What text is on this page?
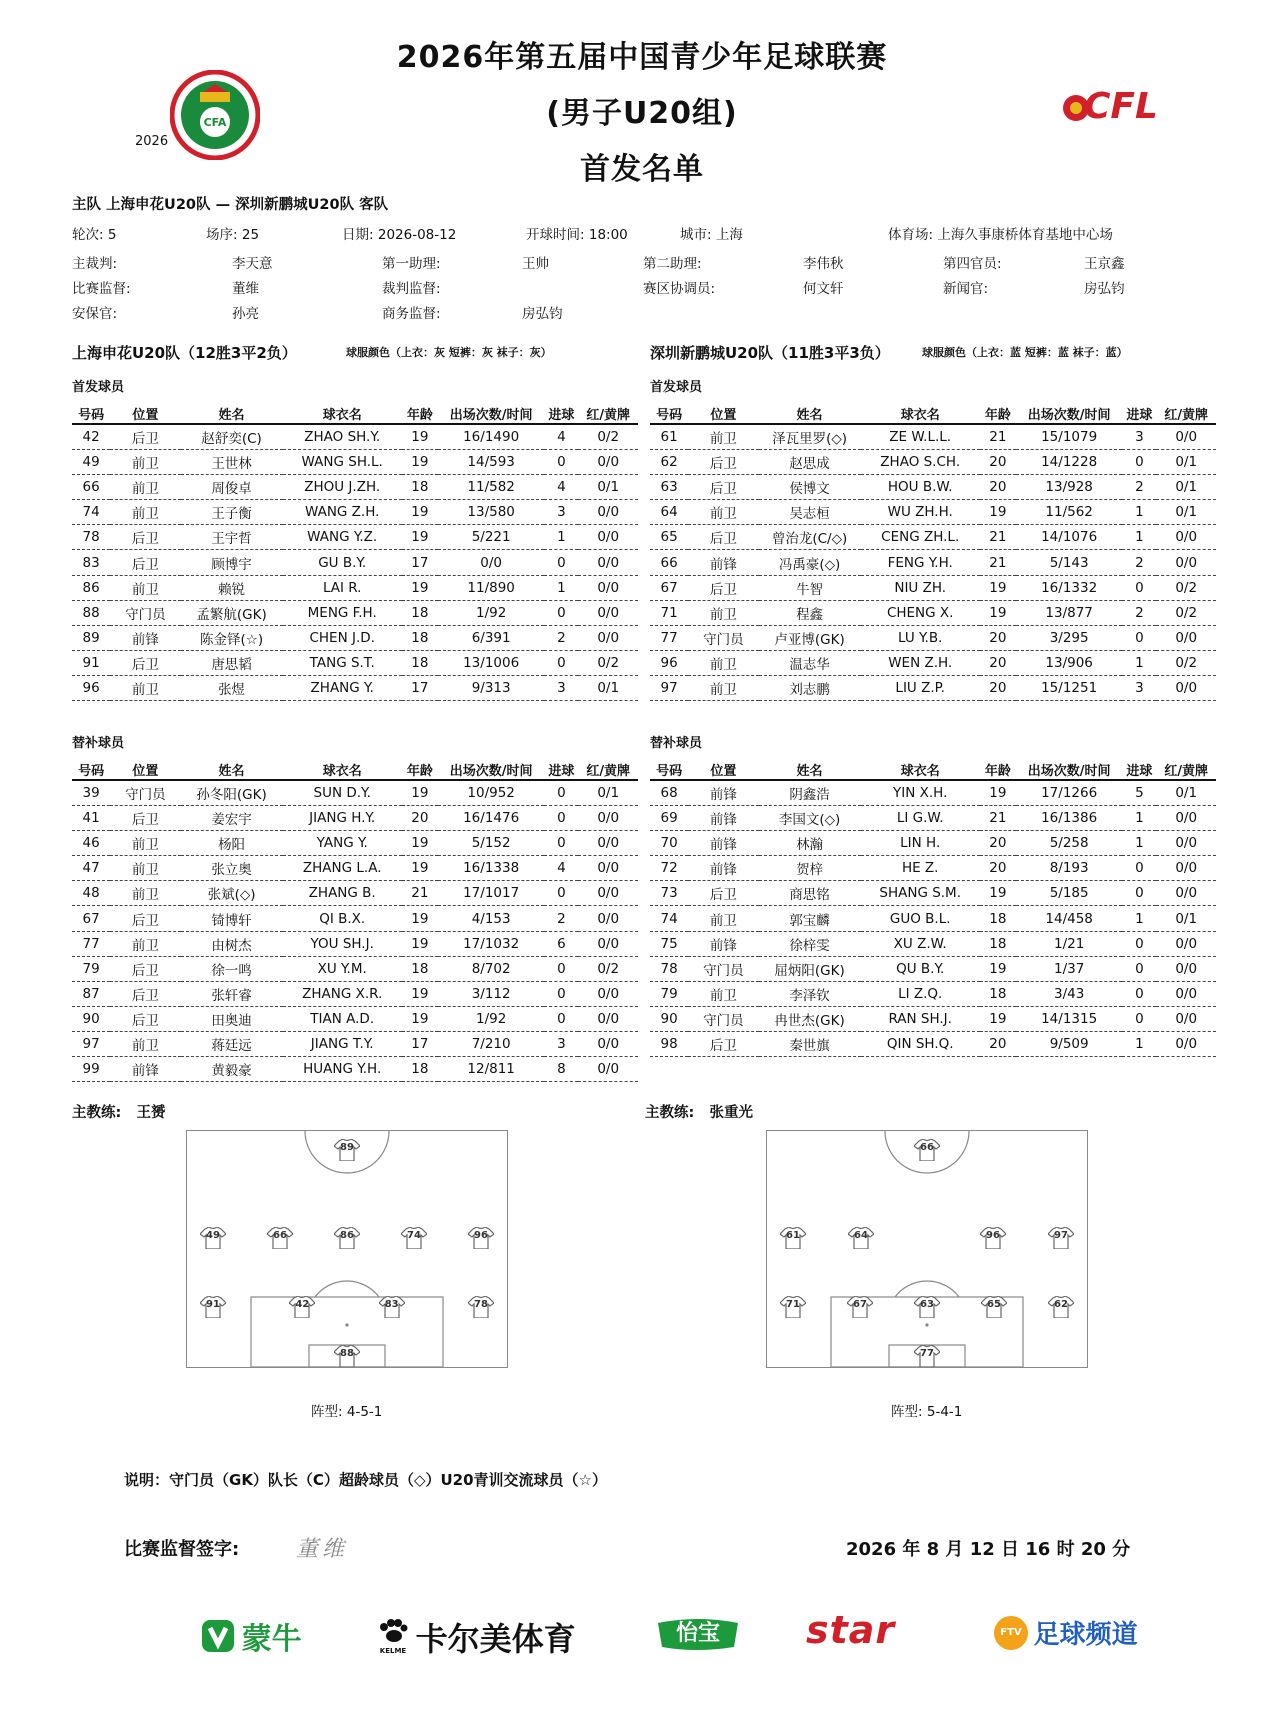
CFA
2026
2026年第五届中国青少年足球联赛
(男子U20组)
首发名单
CFL
主队 上海申花U20队 — 深圳新鹏城U20队 客队
轮次: 5	场序: 25	日期: 2026-08-12	开球时间: 18:00	城市: 上海	体育场: 上海久事康桥体育基地中心场
主裁判:	李天意	第一助理:	王帅	第二助理:	李伟秋	第四官员:	王京鑫
比赛监督:	董维	裁判监督:	赛区协调员:	何文轩	新闻官:	房弘钧
安保官:	孙亮	商务监督:	房弘钧
上海申花U20队（12胜3平2负）	球服颜色（上衣：灰 短裤：灰 袜子：灰）	深圳新鹏城U20队（11胜3平3负）	球服颜色（上衣：蓝 短裤：蓝 袜子：蓝）
首发球员	首发球员
号码	位置	姓名	球衣名	年龄	出场次数/时间	进球	红/黄牌
42	后卫	赵舒奕(C)	ZHAO SH.Y.	19	16/1490	4	0/2
49	前卫	王世林	WANG SH.L.	19	14/593	0	0/0
66	前卫	周俊卓	ZHOU J.ZH.	18	11/582	4	0/1
74	前卫	王子衡	WANG Z.H.	19	13/580	3	0/0
78	后卫	王宇哲	WANG Y.Z.	19	5/221	1	0/0
83	后卫	顾博宇	GU B.Y.	17	0/0	0	0/0
86	前卫	赖锐	LAI R.	19	11/890	1	0/0
88	守门员	孟繁航(GK)	MENG F.H.	18	1/92	0	0/0
89	前锋	陈金铎(☆)	CHEN J.D.	18	6/391	2	0/0
91	后卫	唐思韬	TANG S.T.	18	13/1006	0	0/2
96	前卫	张煜	ZHANG Y.	17	9/313	3	0/1
号码	位置	姓名	球衣名	年龄	出场次数/时间	进球	红/黄牌
61	前卫	泽瓦里罗(◇)	ZE W.L.L.	21	15/1079	3	0/0
62	后卫	赵思成	ZHAO S.CH.	20	14/1228	0	0/1
63	后卫	侯博文	HOU B.W.	20	13/928	2	0/1
64	前卫	吴志桓	WU ZH.H.	19	11/562	1	0/1
65	后卫	曾治龙(C/◇)	CENG ZH.L.	21	14/1076	1	0/0
66	前锋	冯禹豪(◇)	FENG Y.H.	21	5/143	2	0/0
67	后卫	牛智	NIU ZH.	19	16/1332	0	0/2
71	前卫	程鑫	CHENG X.	19	13/877	2	0/2
77	守门员	卢亚博(GK)	LU Y.B.	20	3/295	0	0/0
96	前卫	温志华	WEN Z.H.	20	13/906	1	0/2
97	前卫	刘志鹏	LIU Z.P.	20	15/1251	3	0/0
替补球员	替补球员
号码	位置	姓名	球衣名	年龄	出场次数/时间	进球	红/黄牌
39	守门员	孙冬阳(GK)	SUN D.Y.	19	10/952	0	0/1
41	后卫	姜宏宇	JIANG H.Y.	20	16/1476	0	0/0
46	前卫	杨阳	YANG Y.	19	5/152	0	0/0
47	前卫	张立奥	ZHANG L.A.	19	16/1338	4	0/0
48	前卫	张斌(◇)	ZHANG B.	21	17/1017	0	0/0
67	后卫	锜博轩	QI B.X.	19	4/153	2	0/0
77	前卫	由树杰	YOU SH.J.	19	17/1032	6	0/0
79	后卫	徐一鸣	XU Y.M.	18	8/702	0	0/2
87	后卫	张轩睿	ZHANG X.R.	19	3/112	0	0/0
90	后卫	田奥迪	TIAN A.D.	19	1/92	0	0/0
97	前卫	蒋廷远	JIANG T.Y.	17	7/210	3	0/0
99	前锋	黄毅豪	HUANG Y.H.	18	12/811	8	0/0
号码	位置	姓名	球衣名	年龄	出场次数/时间	进球	红/黄牌
68	前锋	阴鑫浩	YIN X.H.	19	17/1266	5	0/1
69	前锋	李国文(◇)	LI G.W.	21	16/1386	1	0/0
70	前锋	林瀚	LIN H.	20	5/258	1	0/0
72	前锋	贺梓	HE Z.	20	8/193	0	0/0
73	后卫	商思铭	SHANG S.M.	19	5/185	0	0/0
74	前卫	郭宝麟	GUO B.L.	18	14/458	1	0/1
75	前锋	徐梓雯	XU Z.W.	18	1/21	0	0/0
78	守门员	屈炳阳(GK)	QU B.Y.	19	1/37	0	0/0
79	前卫	李泽钦	LI Z.Q.	18	3/43	0	0/0
90	守门员	冉世杰(GK)	RAN SH.J.	19	14/1315	0	0/0
98	后卫	秦世旗	QIN SH.Q.	20	9/509	1	0/0
主教练: 王赟	主教练: 张重光
89
49	66	86	74	96
91	42	83	78
88
66
61	64	96	97
71	67	63	65	62
77
阵型: 4-5-1	阵型: 5-4-1
说明：守门员（GK）队长（C）超龄球员（◇）U20青训交流球员（☆）
比赛监督签字:	董维	2026 年 8 月 12 日 16 时 20 分
蒙牛	KELME 卡尔美体育	怡宝	star	FTV 足球频道
